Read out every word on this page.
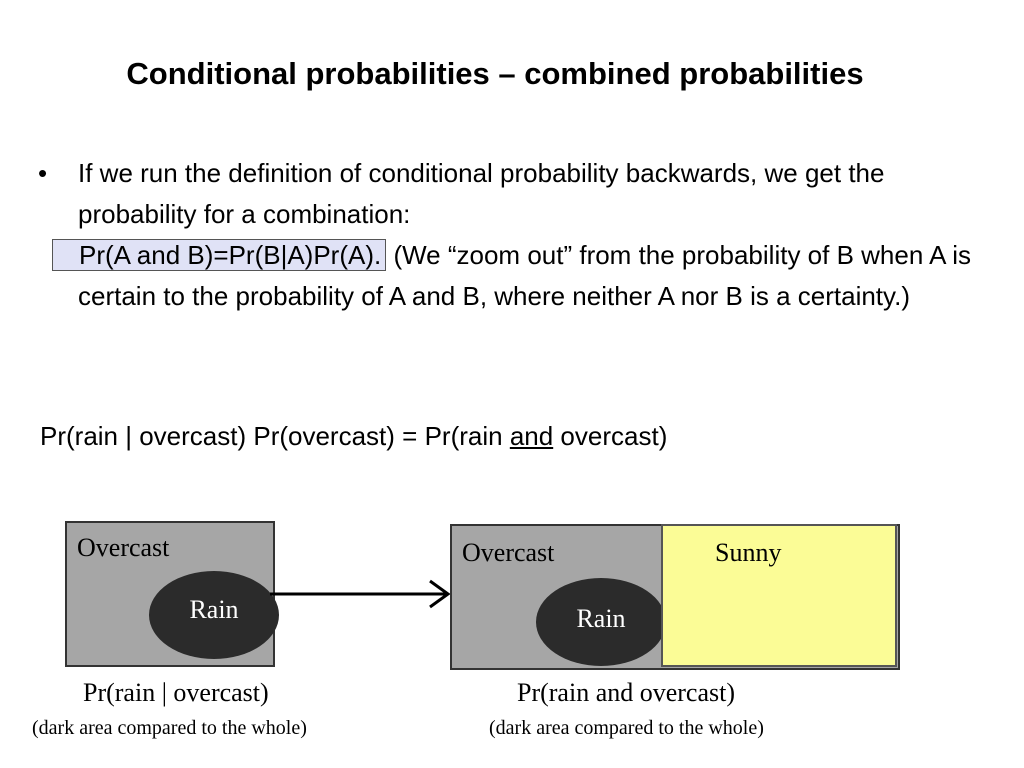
Conditional probabilities – combined probabilities
• If we run the definition of conditional probability backwards, we get the probability for a combination:
Pr(A and B)=Pr(B|A)Pr(A). (We “zoom out” from the probability of B when A is certain to the probability of A and B, where neither A nor B is a certainty.)
Pr(rain | overcast) Pr(overcast) = Pr(rain and overcast)
Overcast
Rain
Overcast
Rain
Sunny
Pr(rain | overcast)
(dark area compared to the whole)
Pr(rain and overcast)
(dark area compared to the whole)
